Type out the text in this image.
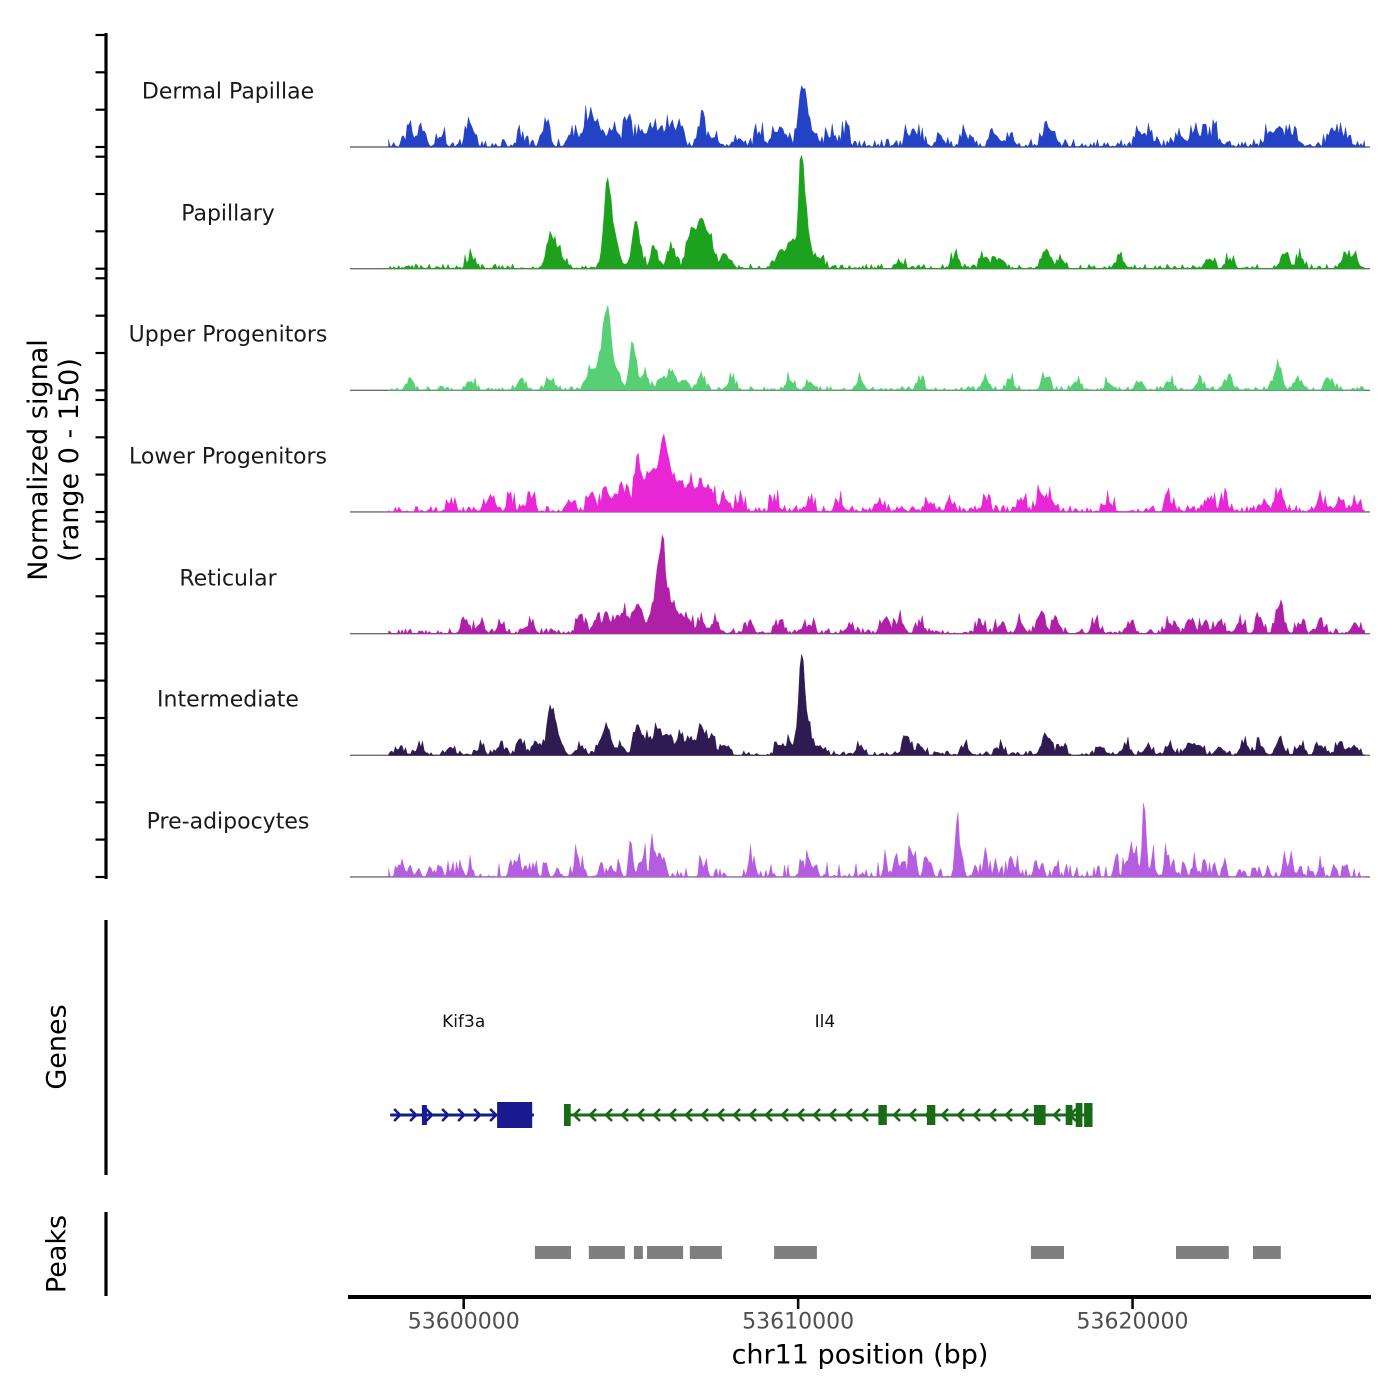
Normalized signal (range 0 - 150)
Genes
Peaks
chr11 position (bp)
Dermal Papillae
Papillary
Upper Progenitors
Lower Progenitors
Reticular
Intermediate
Pre-adipocytes
Kif3a	Il4
53600000	53610000	53620000
